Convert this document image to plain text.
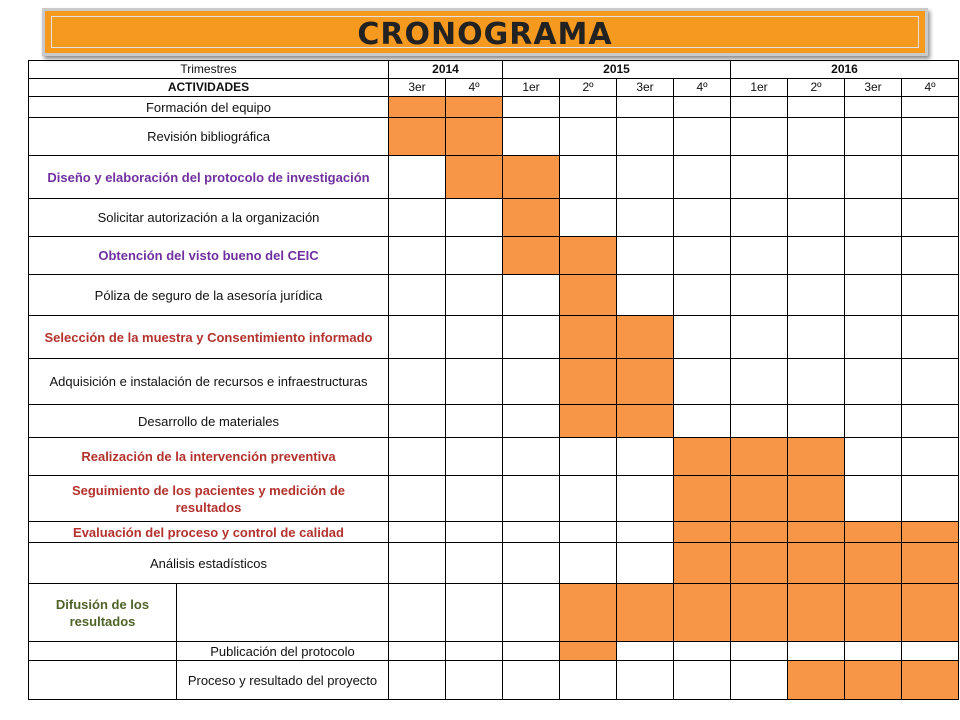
CRONOGRAMA
Trimestres		2014		2015				2016			
ACTIVIDADES		3er	4º	1er	2º	3er	4º	1er	2º	3er	4º
Formación del equipo											
Revisión bibliográfica											
Diseño y elaboración del protocolo de investigación											
Solicitar autorización a la organización											
Obtención del visto bueno del CEIC											
Póliza de seguro de la asesoría jurídica											
Selección de la muestra y Consentimiento informado											
Adquisición e instalación de recursos e infraestructuras											
Desarrollo de materiales											
Realización de la intervención preventiva											
Seguimiento de los pacientes y medición de resultados											
Evaluación del proceso y control de calidad											
Análisis estadísticos											
Difusión de los resultados											
	Publicación del protocolo										
	Proceso y resultado del proyecto										
